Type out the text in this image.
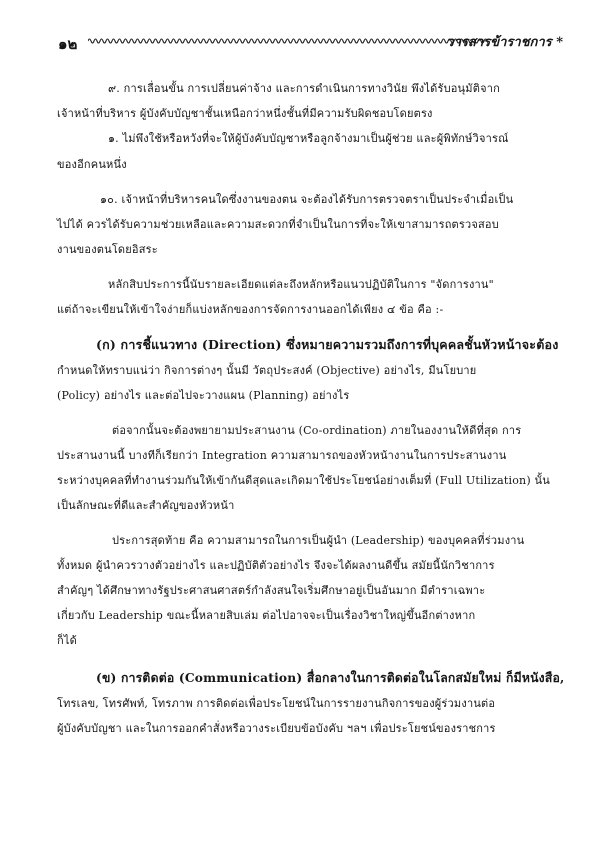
๑๒	วารสารข้าราชการ *

๙. การเลื่อนขั้น การเปลี่ยนค่าจ้าง และการดำเนินการทางวินัย พึงได้รับอนุมัติจาก

เจ้าหน้าที่บริหาร ผู้บังคับบัญชาชั้นเหนือกว่าหนึ่งชั้นที่มีความรับผิดชอบโดยตรง

๑. ไม่พึงใช้หรือหวังที่จะให้ผู้บังคับบัญชาหรือลูกจ้างมาเป็นผู้ช่วย และผู้พิทักษ์วิจารณ์

ของอีกคนหนึ่ง

๑๐. เจ้าหน้าที่บริหารคนใดซึ่งงานของตน จะต้องได้รับการตรวจตราเป็นประจำเมื่อเป็น

ไปได้ ควรได้รับความช่วยเหลือและความสะดวกที่จำเป็นในการที่จะให้เขาสามารถตรวจสอบ

งานของตนโดยอิสระ

หลักสิบประการนี้นับรายละเอียดแต่ละถึงหลักหรือแนวปฏิบัติในการ "จัดการงาน"

แต่ถ้าจะเขียนให้เข้าใจง่ายก็แบ่งหลักของการจัดการงานออกได้เพียง ๔ ข้อ คือ :-

(ก) การชี้แนวทาง (Direction) ซึ่งหมายความรวมถึงการที่บุคคลชั้นหัวหน้าจะต้อง

กำหนดให้ทราบแน่ว่า กิจการต่างๆ นั้นมี วัตถุประสงค์ (Objective) อย่างไร, มีนโยบาย

(Policy) อย่างไร และต่อไปจะวางแผน (Planning) อย่างไร

ต่อจากนั้นจะต้องพยายามประสานงาน (Co-ordination) ภายในองงานให้ดีที่สุด การ

ประสานงานนี้ บางทีก็เรียกว่า Integration ความสามารถของหัวหน้างานในการประสานงาน

ระหว่างบุคคลที่ทำงานร่วมกันให้เข้ากันดีสุดและเกิดมาใช้ประโยชน์อย่างเต็มที่ (Full Utilization) นั้น

เป็นลักษณะที่ดีและสำคัญของหัวหน้า

ประการสุดท้าย คือ ความสามารถในการเป็นผู้นำ (Leadership) ของบุคคลที่ร่วมงาน

ทั้งหมด ผู้นำควรวางตัวอย่างไร และปฏิบัติตัวอย่างไร จึงจะได้ผลงานดีขึ้น สมัยนี้นักวิชาการ

สำคัญๆ ได้ศึกษาทางรัฐประศาสนศาสตร์กำลังสนใจเริ่มศึกษาอยู่เป็นอันมาก มีตำราเฉพาะ

เกี่ยวกับ Leadership ขณะนี้หลายสิบเล่ม ต่อไปอาจจะเป็นเรื่องวิชาใหญ่ขึ้นอีกต่างหาก

ก็ได้

(ข) การติดต่อ (Communication) สื่อกลางในการติดต่อในโลกสมัยใหม่ ก็มีหนังสือ,

โทรเลข, โทรศัพท์, โทรภาพ การติดต่อเพื่อประโยชน์ในการรายงานกิจการของผู้ร่วมงานต่อ

ผู้บังคับบัญชา และในการออกคำสั่งหรือวางระเบียบข้อบังคับ ฯลฯ เพื่อประโยชน์ของราชการ
